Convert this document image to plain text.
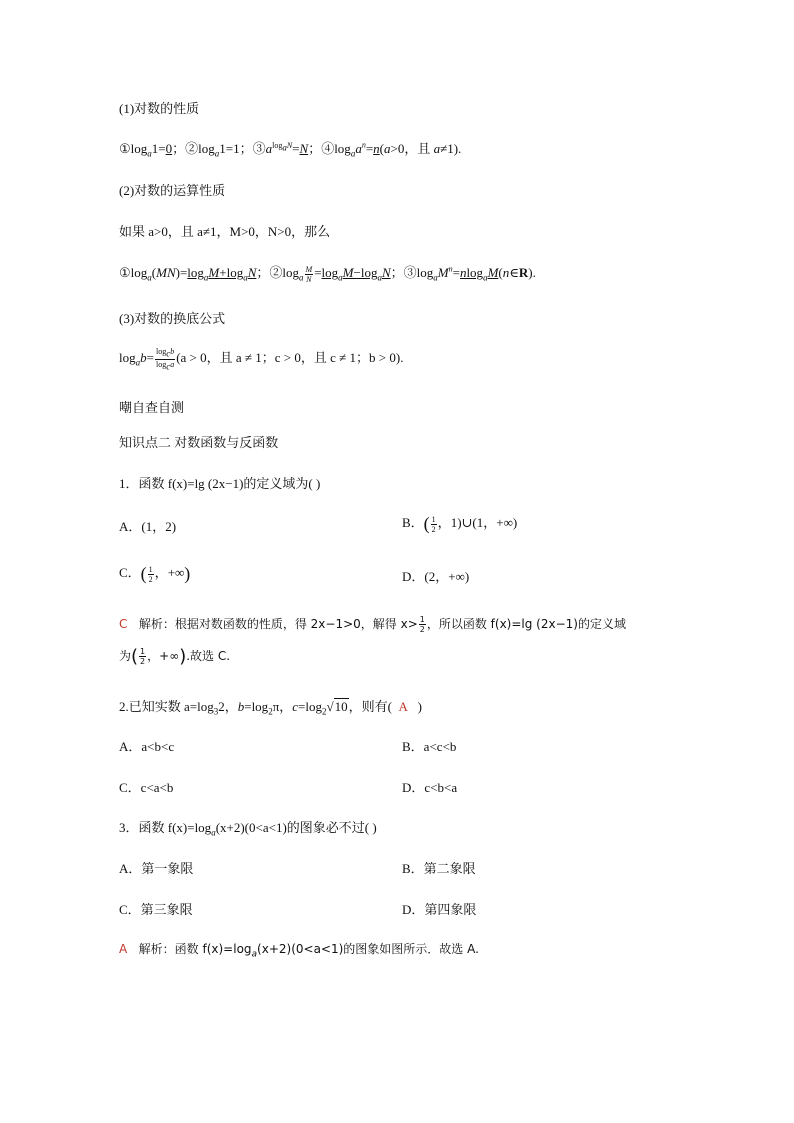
(1)对数的性质
$①\log_a1=0$；$②\log_a1=1$；$③a^{log_aN}=N$；$④\log_aa^n=n(a>0$，且 a≠1).
(2)对数的运算性质
如果 a>0，且 a≠1，M>0，N>0，那么
$①\log_a(MN)=\log_aM+\log_aN$；$②\log_a \frac{M}{N} =\log_aM-\log_aN$；$③\log_aM^n=nlog_aM(n\in R)$.
(3)对数的换底公式
$\log_ab= \frac{\log_cb}{\log_ca} (a > 0$，且 a ≠ 1；c > 0，且 c ≠ 1；b > 0).
嘲自查自测
知识点二 对数函数与反函数
1．函数 f(x)=lg (2x−1)的定义域为( )
A．(1，2)	B．( $\frac{1}{2}$ ，1)∪(1，+∞)
C．( $\frac{1}{2}$ ，+∞)	D．(2，+∞)
C 解析：根据对数函数的性质，得 2x−1>0，解得 $x> \frac{1}{2}$ ，所以函数 f(x)=lg (2x−1)的定义域
为( $\frac{1}{2}$ ，+∞).故选 C.
2.已知实数 $a=\log_32$，$b=\log_2\pi$，$c=\log_2√10$，则有( A )
A．a<b<c	B．a<c<b
C．c<a<b	D．c<b<a
3．函数 $f(x)=\log_a(x+2)(0<a<1)$的图象必不过( )
A．第一象限	B．第二象限
C．第三象限	D．第四象限
A 解析：函数 $f(x)=\log_a(x+2)(0<a<1)$的图象如图所示．故选 A.
